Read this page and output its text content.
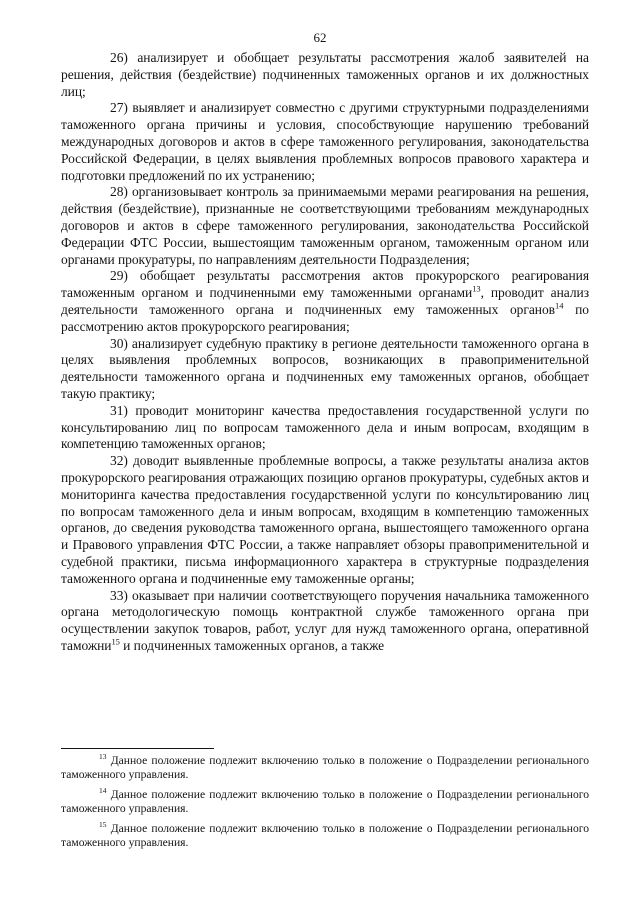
62

26) анализирует и обобщает результаты рассмотрения жалоб заявителей на решения, действия (бездействие) подчиненных таможенных органов и их должностных лиц;

27) выявляет и анализирует совместно с другими структурными подразделениями таможенного органа причины и условия, способствующие нарушению требований международных договоров и актов в сфере таможенного регулирования, законодательства Российской Федерации, в целях выявления проблемных вопросов правового характера и подготовки предложений по их устранению;

28) организовывает контроль за принимаемыми мерами реагирования на решения, действия (бездействие), признанные не соответствующими требованиям международных договоров и актов в сфере таможенного регулирования, законодательства Российской Федерации ФТС России, вышестоящим таможенным органом, таможенным органом или органами прокуратуры, по направлениям деятельности Подразделения;

29) обобщает результаты рассмотрения актов прокурорского реагирования таможенным органом и подчиненными ему таможенными органами$^{13}$, проводит анализ деятельности таможенного органа и подчиненных ему таможенных органов$^{14}$ по рассмотрению актов прокурорского реагирования;

30) анализирует судебную практику в регионе деятельности таможенного органа в целях выявления проблемных вопросов, возникающих в правоприменительной деятельности таможенного органа и подчиненных ему таможенных органов, обобщает такую практику;

31) проводит мониторинг качества предоставления государственной услуги по консультированию лиц по вопросам таможенного дела и иным вопросам, входящим в компетенцию таможенных органов;

32) доводит выявленные проблемные вопросы, а также результаты анализа актов прокурорского реагирования отражающих позицию органов прокуратуры, судебных актов и мониторинга качества предоставления государственной услуги по консультированию лиц по вопросам таможенного дела и иным вопросам, входящим в компетенцию таможенных органов, до сведения руководства таможенного органа, вышестоящего таможенного органа и Правового управления ФТС России, а также направляет обзоры правоприменительной и судебной практики, письма информационного характера в структурные подразделения таможенного органа и подчиненные ему таможенные органы;

33) оказывает при наличии соответствующего поручения начальника таможенного органа методологическую помощь контрактной службе таможенного органа при осуществлении закупок товаров, работ, услуг для нужд таможенного органа, оперативной таможни$^{15}$ и подчиненных таможенных органов, а также

$^{13}$ Данное положение подлежит включению только в положение о Подразделении регионального таможенного управления.

$^{14}$ Данное положение подлежит включению только в положение о Подразделении регионального таможенного управления.

$^{15}$ Данное положение подлежит включению только в положение о Подразделении регионального таможенного управления.
